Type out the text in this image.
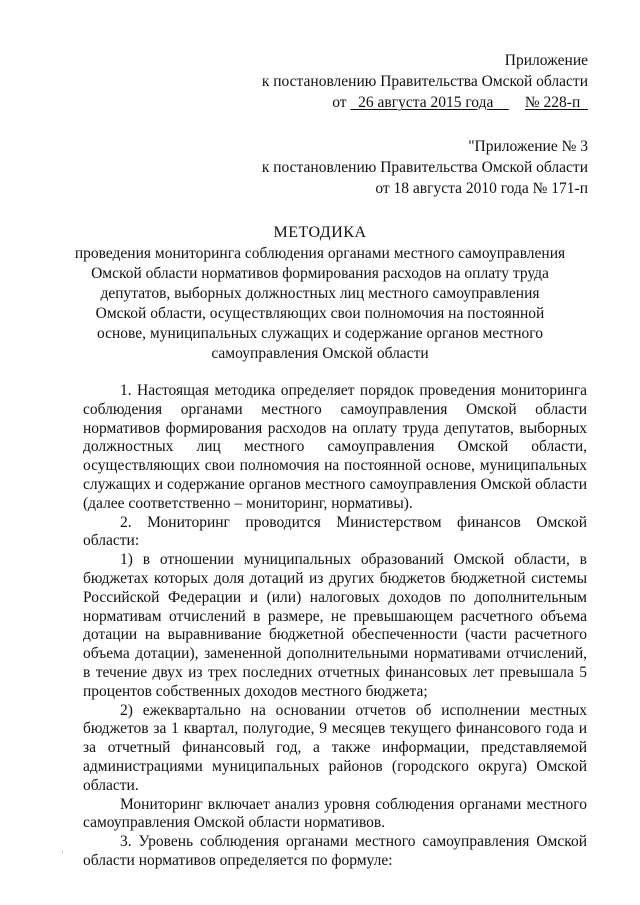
Приложение
к постановлению Правительства Омской области
от 26 августа 2015 года № 228-п
"Приложение № 3
к постановлению Правительства Омской области
от 18 августа 2010 года № 171-п
МЕТОДИКА
проведения мониторинга соблюдения органами местного самоуправления
Омской области нормативов формирования расходов на оплату труда
депутатов, выборных должностных лиц местного самоуправления
Омской области, осуществляющих свои полномочия на постоянной
основе, муниципальных служащих и содержание органов местного
самоуправления Омской области

1. Настоящая методика определяет порядок проведения мониторинга соблюдения органами местного самоуправления Омской области нормативов формирования расходов на оплату труда депутатов, выборных должностных лиц местного самоуправления Омской области, осуществляющих свои полномочия на постоянной основе, муниципальных служащих и содержание органов местного самоуправления Омской области (далее соответственно – мониторинг, нормативы).

2. Мониторинг проводится Министерством финансов Омской области:

1) в отношении муниципальных образований Омской области, в бюджетах которых доля дотаций из других бюджетов бюджетной системы Российской Федерации и (или) налоговых доходов по дополнительным нормативам отчислений в размере, не превышающем расчетного объема дотации на выравнивание бюджетной обеспеченности (части расчетного объема дотации), замененной дополнительными нормативами отчислений, в течение двух из трех последних отчетных финансовых лет превышала 5 процентов собственных доходов местного бюджета;

2) ежеквартально на основании отчетов об исполнении местных бюджетов за 1 квартал, полугодие, 9 месяцев текущего финансового года и за отчетный финансовый год, а также информации, представляемой администрациями муниципальных районов (городского округа) Омской области.

Мониторинг включает анализ уровня соблюдения органами местного самоуправления Омской области нормативов.

3. Уровень соблюдения органами местного самоуправления Омской области нормативов определяется по формуле:
